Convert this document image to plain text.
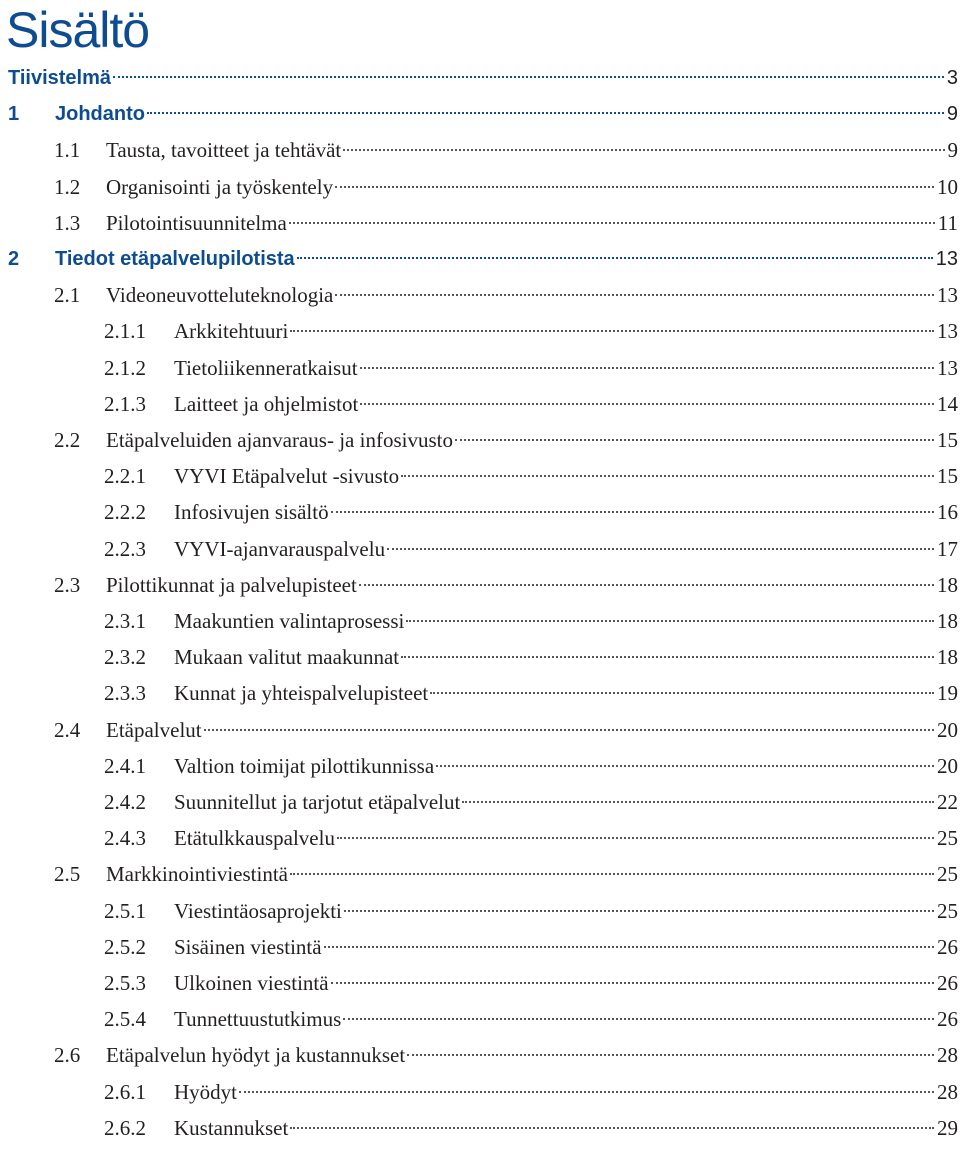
Sisältö
Tiivistelmä	3
1	Johdanto	9
1.1	Tausta, tavoitteet ja tehtävät	9
1.2	Organisointi ja työskentely	10
1.3	Pilotointisuunnitelma	11
2	Tiedot etäpalvelupilotista	13
2.1	Videoneuvotteluteknologia	13
2.1.1	Arkkitehtuuri	13
2.1.2	Tietoliikenneratkaisut	13
2.1.3	Laitteet ja ohjelmistot	14
2.2	Etäpalveluiden ajanvaraus- ja infosivusto	15
2.2.1	VYVI Etäpalvelut -sivusto	15
2.2.2	Infosivujen sisältö	16
2.2.3	VYVI-ajanvarauspalvelu	17
2.3	Pilottikunnat ja palvelupisteet	18
2.3.1	Maakuntien valintaprosessi	18
2.3.2	Mukaan valitut maakunnat	18
2.3.3	Kunnat ja yhteispalvelupisteet	19
2.4	Etäpalvelut	20
2.4.1	Valtion toimijat pilottikunnissa	20
2.4.2	Suunnitellut ja tarjotut etäpalvelut	22
2.4.3	Etätulkkauspalvelu	25
2.5	Markkinointiviestintä	25
2.5.1	Viestintäosaprojekti	25
2.5.2	Sisäinen viestintä	26
2.5.3	Ulkoinen viestintä	26
2.5.4	Tunnettuustutkimus	26
2.6	Etäpalvelun hyödyt ja kustannukset	28
2.6.1	Hyödyt	28
2.6.2	Kustannukset	29
